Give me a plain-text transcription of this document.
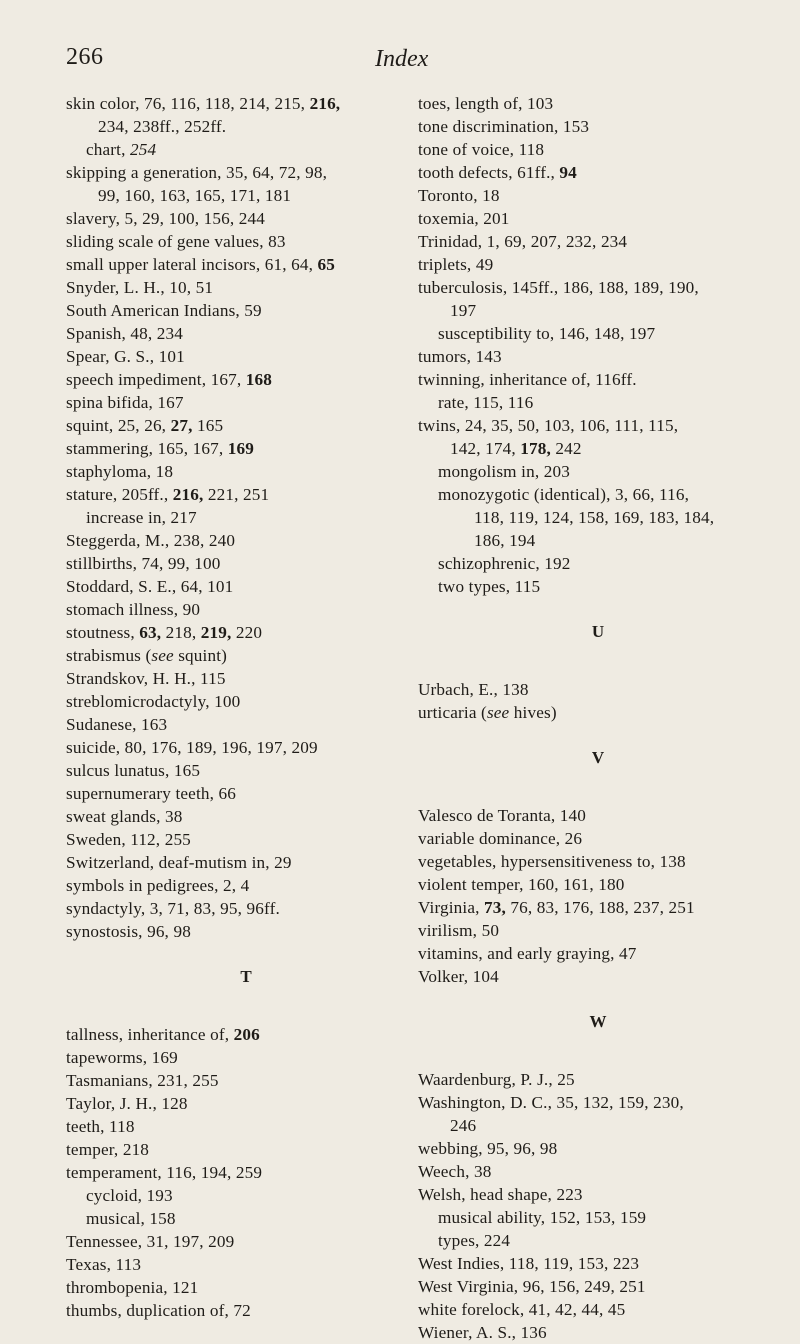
266	Index
skin color, 76, 116, 118, 214, 215, 216,
234, 238ff., 252ff.
chart, 254
skipping a generation, 35, 64, 72, 98,
99, 160, 163, 165, 171, 181
slavery, 5, 29, 100, 156, 244
sliding scale of gene values, 83
small upper lateral incisors, 61, 64, 65
Snyder, L. H., 10, 51
South American Indians, 59
Spanish, 48, 234
Spear, G. S., 101
speech impediment, 167, 168
spina bifida, 167
squint, 25, 26, 27, 165
stammering, 165, 167, 169
staphyloma, 18
stature, 205ff., 216, 221, 251
increase in, 217
Steggerda, M., 238, 240
stillbirths, 74, 99, 100
Stoddard, S. E., 64, 101
stomach illness, 90
stoutness, 63, 218, 219, 220
strabismus (see squint)
Strandskov, H. H., 115
streblomicrodactyly, 100
Sudanese, 163
suicide, 80, 176, 189, 196, 197, 209
sulcus lunatus, 165
supernumerary teeth, 66
sweat glands, 38
Sweden, 112, 255
Switzerland, deaf-mutism in, 29
symbols in pedigrees, 2, 4
syndactyly, 3, 71, 83, 95, 96ff.
synostosis, 96, 98
T
tallness, inheritance of, 206
tapeworms, 169
Tasmanians, 231, 255
Taylor, J. H., 128
teeth, 118
temper, 218
temperament, 116, 194, 259
cycloid, 193
musical, 158
Tennessee, 31, 197, 209
Texas, 113
thrombopenia, 121
thumbs, duplication of, 72
toes, length of, 103
tone discrimination, 153
tone of voice, 118
tooth defects, 61ff., 94
Toronto, 18
toxemia, 201
Trinidad, 1, 69, 207, 232, 234
triplets, 49
tuberculosis, 145ff., 186, 188, 189, 190,
197
susceptibility to, 146, 148, 197
tumors, 143
twinning, inheritance of, 116ff.
rate, 115, 116
twins, 24, 35, 50, 103, 106, 111, 115,
142, 174, 178, 242
mongolism in, 203
monozygotic (identical), 3, 66, 116,
118, 119, 124, 158, 169, 183, 184,
186, 194
schizophrenic, 192
two types, 115
U
Urbach, E., 138
urticaria (see hives)
V
Valesco de Toranta, 140
variable dominance, 26
vegetables, hypersensitiveness to, 138
violent temper, 160, 161, 180
Virginia, 73, 76, 83, 176, 188, 237, 251
virilism, 50
vitamins, and early graying, 47
Volker, 104
W
Waardenburg, P. J., 25
Washington, D. C., 35, 132, 159, 230,
246
webbing, 95, 96, 98
Weech, 38
Welsh, head shape, 223
musical ability, 152, 153, 159
types, 224
West Indies, 118, 119, 153, 223
West Virginia, 96, 156, 249, 251
white forelock, 41, 42, 44, 45
Wiener, A. S., 136
